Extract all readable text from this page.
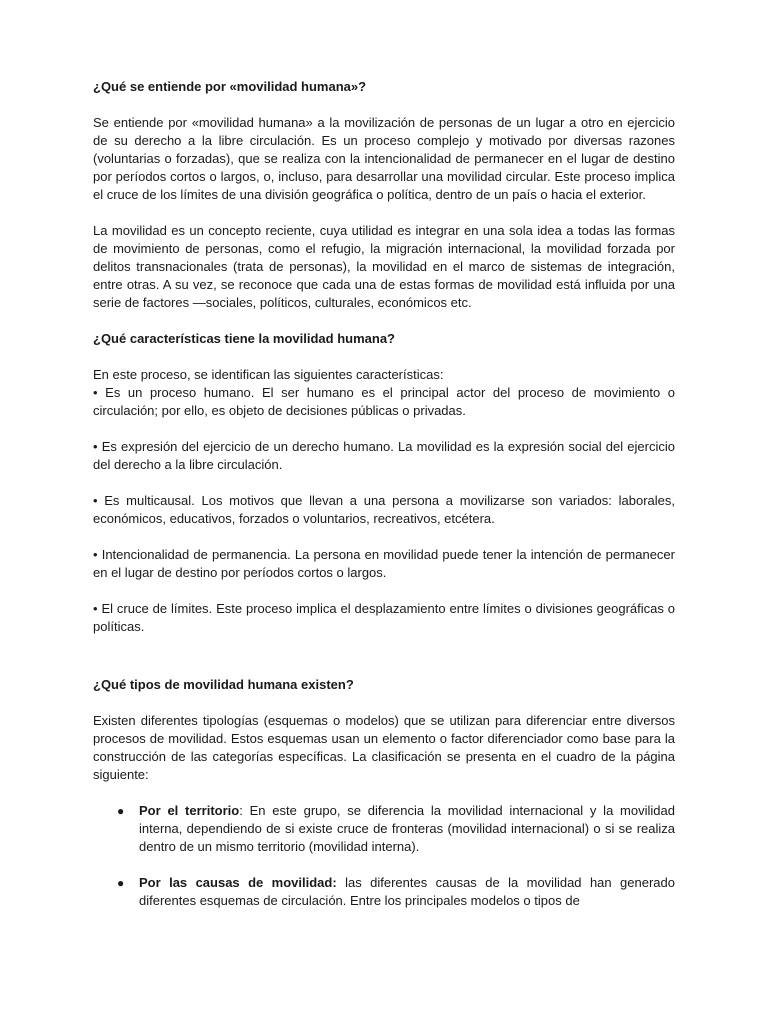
¿Qué se entiende por «movilidad humana»?

Se entiende por «movilidad humana» a la movilización de personas de un lugar a otro en ejercicio de su derecho a la libre circulación. Es un proceso complejo y motivado por diversas razones (voluntarias o forzadas), que se realiza con la intencionalidad de permanecer en el lugar de destino por períodos cortos o largos, o, incluso, para desarrollar una movilidad circular. Este proceso implica el cruce de los límites de una división geográfica o política, dentro de un país o hacia el exterior.

La movilidad es un concepto reciente, cuya utilidad es integrar en una sola idea a todas las formas de movimiento de personas, como el refugio, la migración internacional, la movilidad forzada por delitos transnacionales (trata de personas), la movilidad en el marco de sistemas de integración, entre otras. A su vez, se reconoce que cada una de estas formas de movilidad está influida por una serie de factores —sociales, políticos, culturales, económicos etc.

¿Qué características tiene la movilidad humana?

En este proceso, se identifican las siguientes características:

• Es un proceso humano. El ser humano es el principal actor del proceso de movimiento o circulación; por ello, es objeto de decisiones públicas o privadas.

• Es expresión del ejercicio de un derecho humano. La movilidad es la expresión social del ejercicio del derecho a la libre circulación.

• Es multicausal. Los motivos que llevan a una persona a movilizarse son variados: laborales, económicos, educativos, forzados o voluntarios, recreativos, etcétera.

• Intencionalidad de permanencia. La persona en movilidad puede tener la intención de permanecer en el lugar de destino por períodos cortos o largos.

• El cruce de límites. Este proceso implica el desplazamiento entre límites o divisiones geográficas o políticas.

¿Qué tipos de movilidad humana existen?

Existen diferentes tipologías (esquemas o modelos) que se utilizan para diferenciar entre diversos procesos de movilidad. Estos esquemas usan un elemento o factor diferenciador como base para la construcción de las categorías específicas. La clasificación se presenta en el cuadro de la página siguiente:

● Por el territorio: En este grupo, se diferencia la movilidad internacional y la movilidad interna, dependiendo de si existe cruce de fronteras (movilidad internacional) o si se realiza dentro de un mismo territorio (movilidad interna).
● Por las causas de movilidad: las diferentes causas de la movilidad han generado diferentes esquemas de circulación. Entre los principales modelos o tipos de
